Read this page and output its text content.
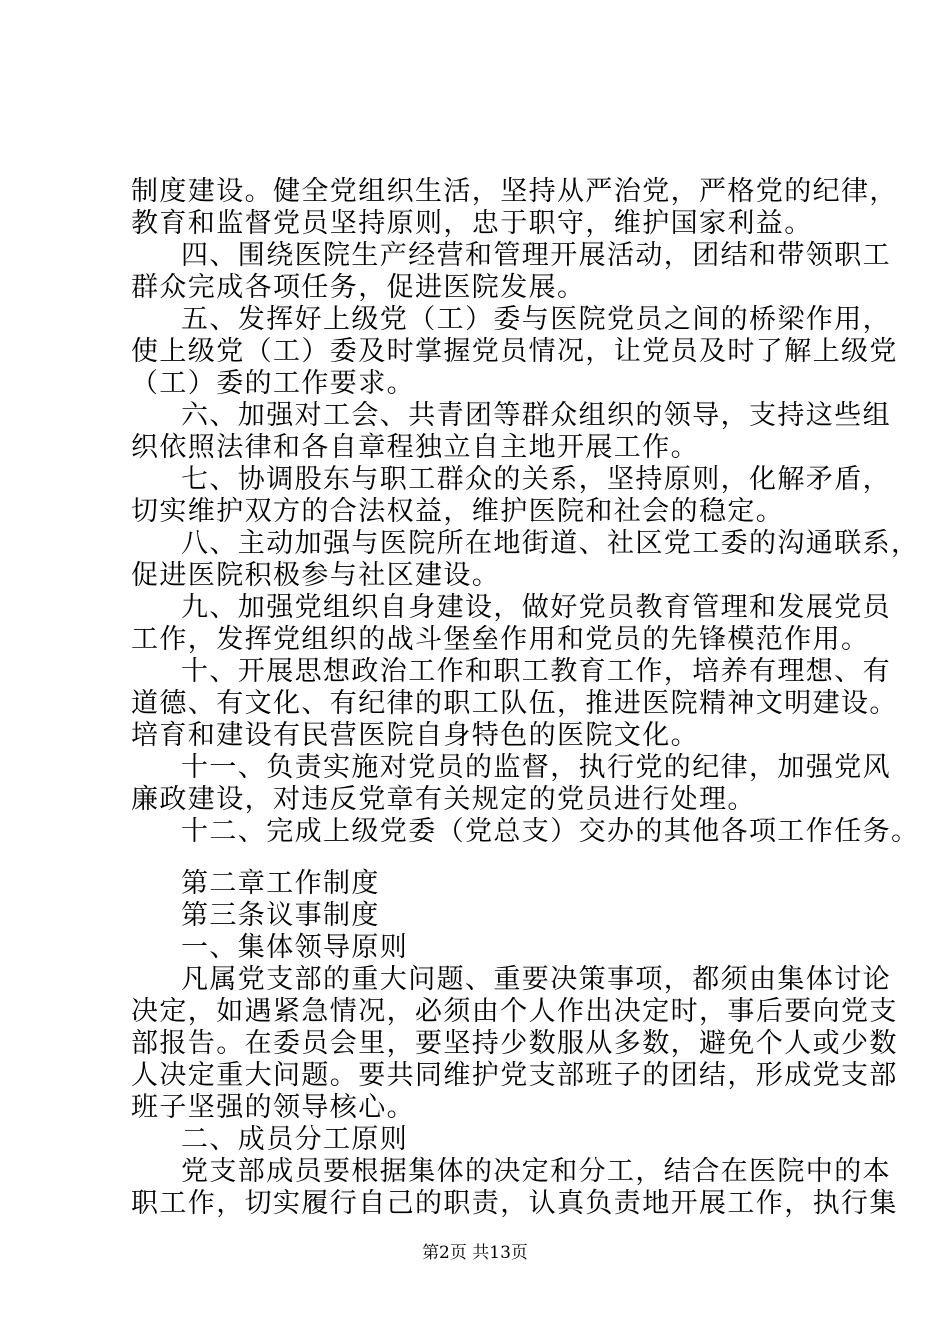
制度建设。健全党组织生活，坚持从严治党，严格党的纪律，
教育和监督党员坚持原则，忠于职守，维护国家利益。
四、围绕医院生产经营和管理开展活动，团结和带领职工
群众完成各项任务，促进医院发展。
五、发挥好上级党（工）委与医院党员之间的桥梁作用，
使上级党（工）委及时掌握党员情况，让党员及时了解上级党
（工）委的工作要求。
六、加强对工会、共青团等群众组织的领导，支持这些组
织依照法律和各自章程独立自主地开展工作。
七、协调股东与职工群众的关系，坚持原则，化解矛盾，
切实维护双方的合法权益，维护医院和社会的稳定。
八、主动加强与医院所在地街道、社区党工委的沟通联系，
促进医院积极参与社区建设。
九、加强党组织自身建设，做好党员教育管理和发展党员
工作，发挥党组织的战斗堡垒作用和党员的先锋模范作用。
十、开展思想政治工作和职工教育工作，培养有理想、有
道德、有文化、有纪律的职工队伍，推进医院精神文明建设。
培育和建设有民营医院自身特色的医院文化。
十一、负责实施对党员的监督，执行党的纪律，加强党风
廉政建设，对违反党章有关规定的党员进行处理。
十二、完成上级党委（党总支）交办的其他各项工作任务。
第二章工作制度
第三条议事制度
一、集体领导原则
凡属党支部的重大问题、重要决策事项，都须由集体讨论
决定，如遇紧急情况，必须由个人作出决定时，事后要向党支
部报告。在委员会里，要坚持少数服从多数，避免个人或少数
人决定重大问题。要共同维护党支部班子的团结，形成党支部
班子坚强的领导核心。
二、成员分工原则
党支部成员要根据集体的决定和分工，结合在医院中的本
职工作，切实履行自己的职责，认真负责地开展工作，执行集
第2页 共13页
